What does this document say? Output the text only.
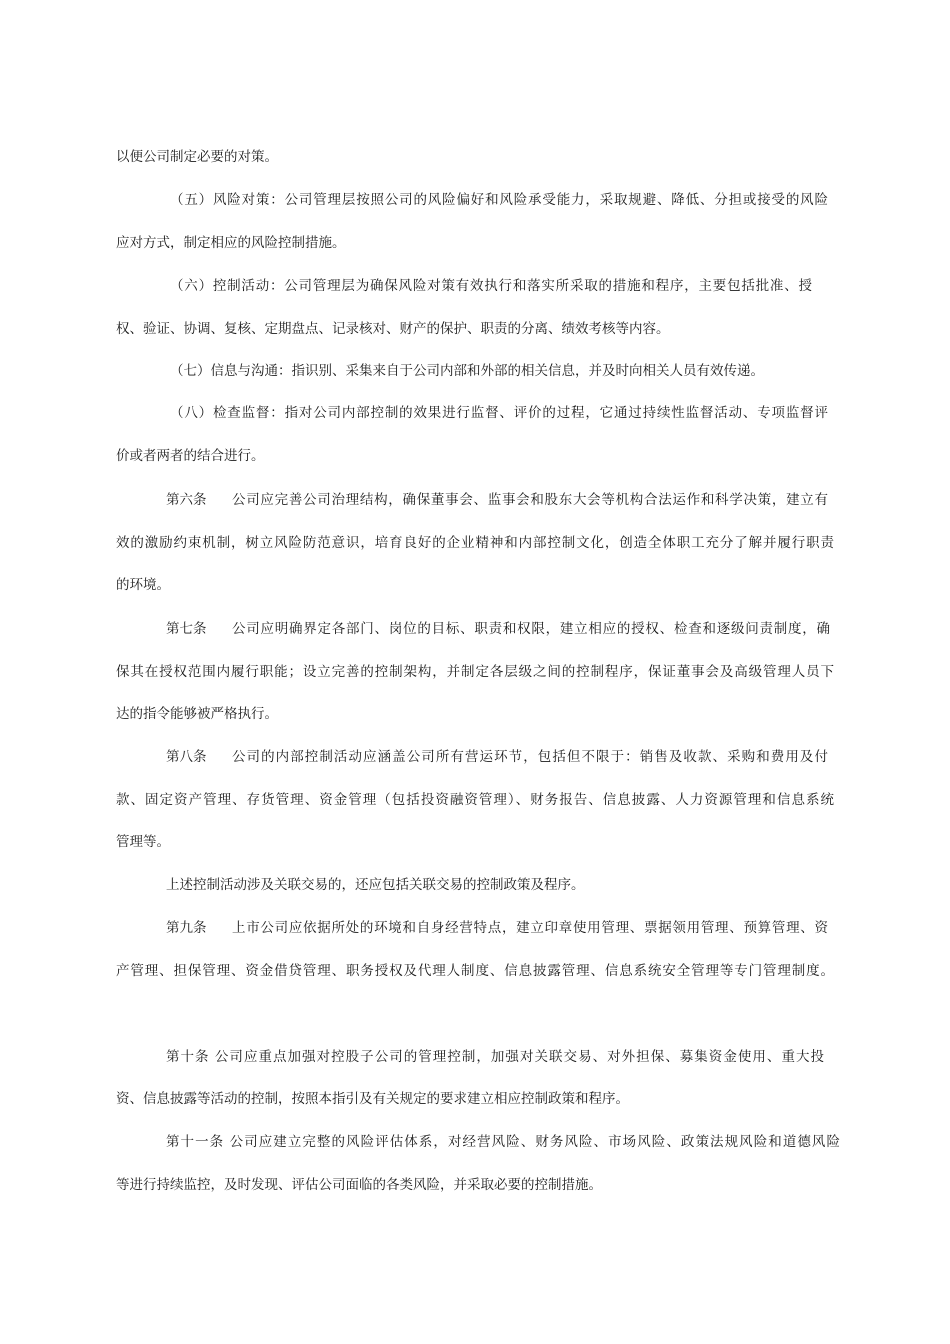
以便公司制定必要的对策。
（五）风险对策：公司管理层按照公司的风险偏好和风险承受能力，采取规避、降低、分担或接受的风险
应对方式，制定相应的风险控制措施。
（六）控制活动：公司管理层为确保风险对策有效执行和落实所采取的措施和程序，主要包括批准、授
权、验证、协调、复核、定期盘点、记录核对、财产的保护、职责的分离、绩效考核等内容。
（七）信息与沟通：指识别、采集来自于公司内部和外部的相关信息，并及时向相关人员有效传递。
（八）检查监督：指对公司内部控制的效果进行监督、评价的过程，它通过持续性监督活动、专项监督评
价或者两者的结合进行。
第六条 公司应完善公司治理结构，确保董事会、监事会和股东大会等机构合法运作和科学决策，建立有
效的激励约束机制，树立风险防范意识，培育良好的企业精神和内部控制文化，创造全体职工充分了解并履行职责
的环境。
第七条 公司应明确界定各部门、岗位的目标、职责和权限，建立相应的授权、检查和逐级问责制度，确
保其在授权范围内履行职能；设立完善的控制架构，并制定各层级之间的控制程序，保证董事会及高级管理人员下
达的指令能够被严格执行。
第八条 公司的内部控制活动应涵盖公司所有营运环节，包括但不限于：销售及收款、采购和费用及付
款、固定资产管理、存货管理、资金管理（包括投资融资管理）、财务报告、信息披露、人力资源管理和信息系统
管理等。
上述控制活动涉及关联交易的，还应包括关联交易的控制政策及程序。
第九条 上市公司应依据所处的环境和自身经营特点，建立印章使用管理、票据领用管理、预算管理、资
产管理、担保管理、资金借贷管理、职务授权及代理人制度、信息披露管理、信息系统安全管理等专门管理制度。
第十条 公司应重点加强对控股子公司的管理控制，加强对关联交易、对外担保、募集资金使用、重大投
资、信息披露等活动的控制，按照本指引及有关规定的要求建立相应控制政策和程序。
第十一条 公司应建立完整的风险评估体系，对经营风险、财务风险、市场风险、政策法规风险和道德风险
等进行持续监控，及时发现、评估公司面临的各类风险，并采取必要的控制措施。
